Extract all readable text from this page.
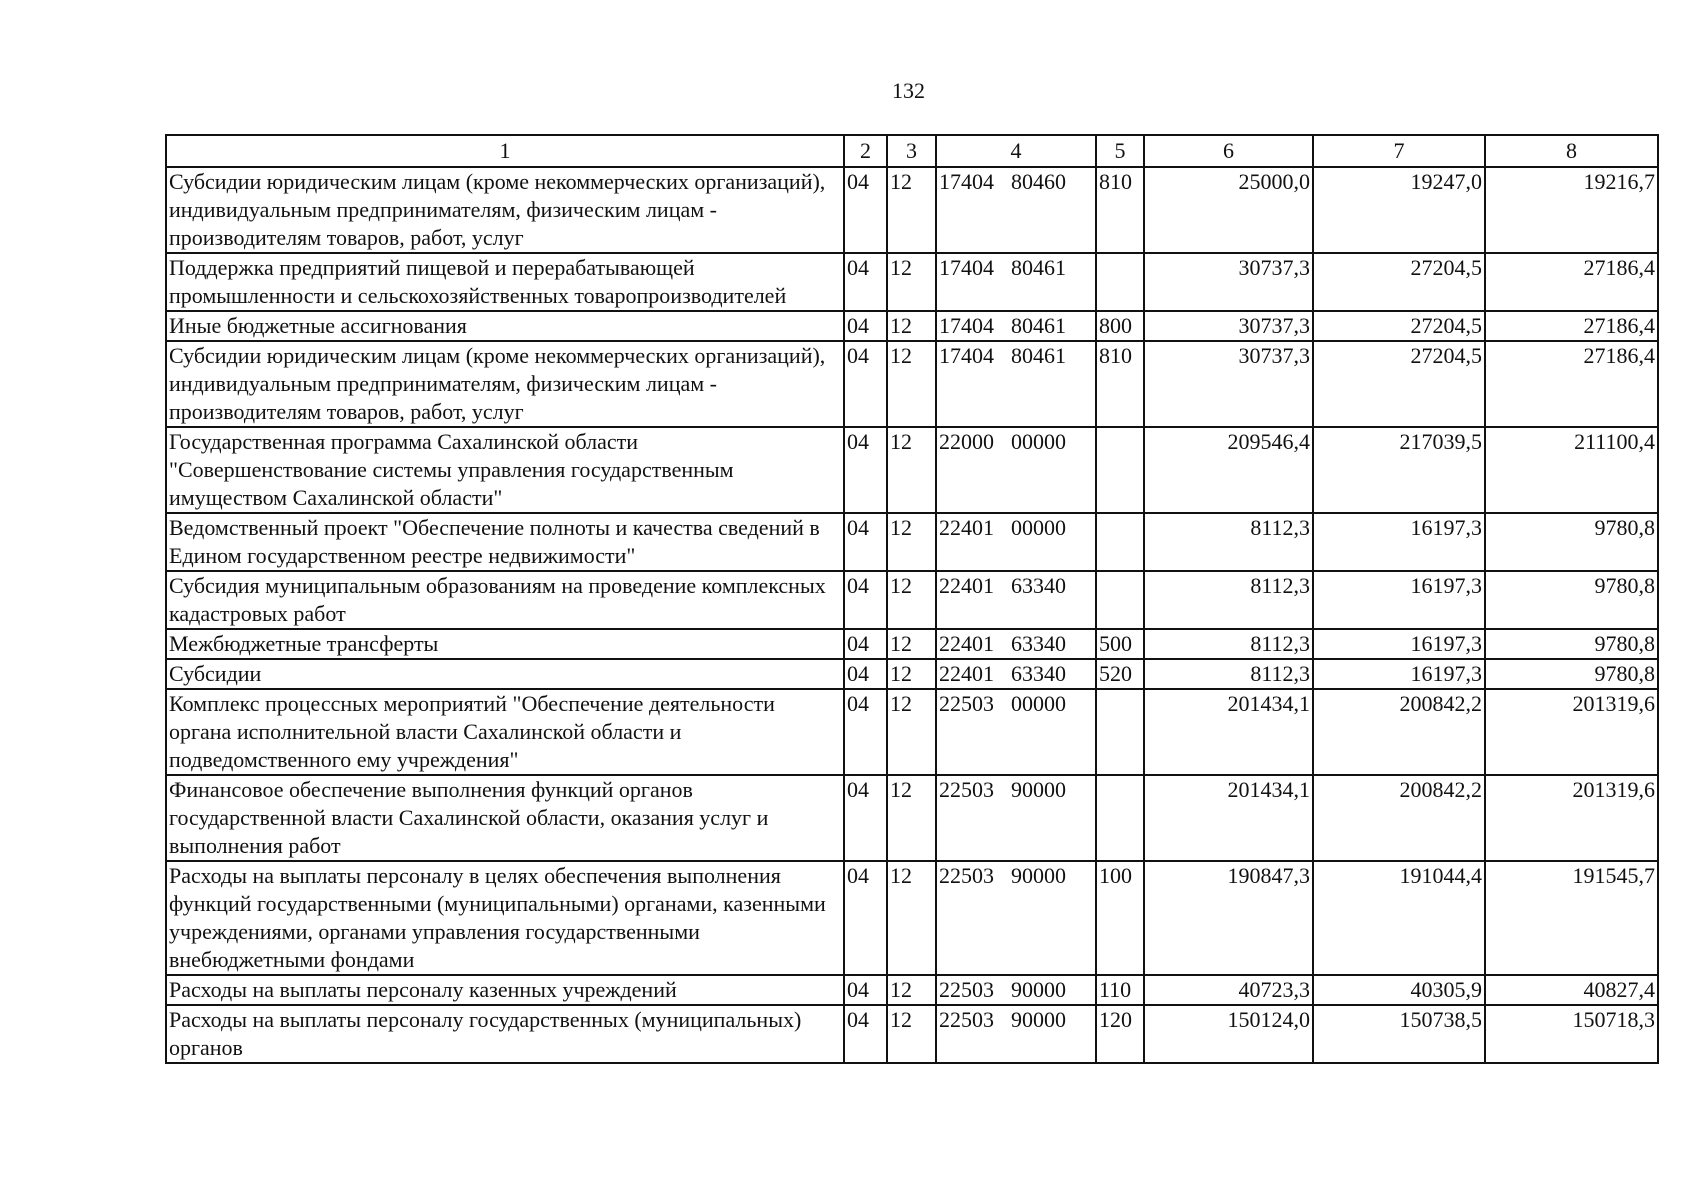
132
1	2	3	4	5	6	7	8
Субсидии юридическим лицам (кроме некоммерческих организаций), индивидуальным предпринимателям, физическим лицам - производителям товаров, работ, услуг	04	12	17404 80460	810	25000,0	19247,0	19216,7
Поддержка предприятий пищевой и перерабатывающей промышленности и сельскохозяйственных товаропроизводителей	04	12	17404 80461		30737,3	27204,5	27186,4
Иные бюджетные ассигнования	04	12	17404 80461	800	30737,3	27204,5	27186,4
Субсидии юридическим лицам (кроме некоммерческих организаций), индивидуальным предпринимателям, физическим лицам - производителям товаров, работ, услуг	04	12	17404 80461	810	30737,3	27204,5	27186,4
Государственная программа Сахалинской области "Совершенствование системы управления государственным имуществом Сахалинской области"	04	12	22000 00000		209546,4	217039,5	211100,4
Ведомственный проект "Обеспечение полноты и качества сведений в Едином государственном реестре недвижимости"	04	12	22401 00000		8112,3	16197,3	9780,8
Субсидия муниципальным образованиям на проведение комплексных кадастровых работ	04	12	22401 63340		8112,3	16197,3	9780,8
Межбюджетные трансферты	04	12	22401 63340	500	8112,3	16197,3	9780,8
Субсидии	04	12	22401 63340	520	8112,3	16197,3	9780,8
Комплекс процессных мероприятий "Обеспечение деятельности органа исполнительной власти Сахалинской области и подведомственного ему учреждения"	04	12	22503 00000		201434,1	200842,2	201319,6
Финансовое обеспечение выполнения функций органов государственной власти Сахалинской области, оказания услуг и выполнения работ	04	12	22503 90000		201434,1	200842,2	201319,6
Расходы на выплаты персоналу в целях обеспечения выполнения функций государственными (муниципальными) органами, казенными учреждениями, органами управления государственными внебюджетными фондами	04	12	22503 90000	100	190847,3	191044,4	191545,7
Расходы на выплаты персоналу казенных учреждений	04	12	22503 90000	110	40723,3	40305,9	40827,4
Расходы на выплаты персоналу государственных (муниципальных) органов	04	12	22503 90000	120	150124,0	150738,5	150718,3
